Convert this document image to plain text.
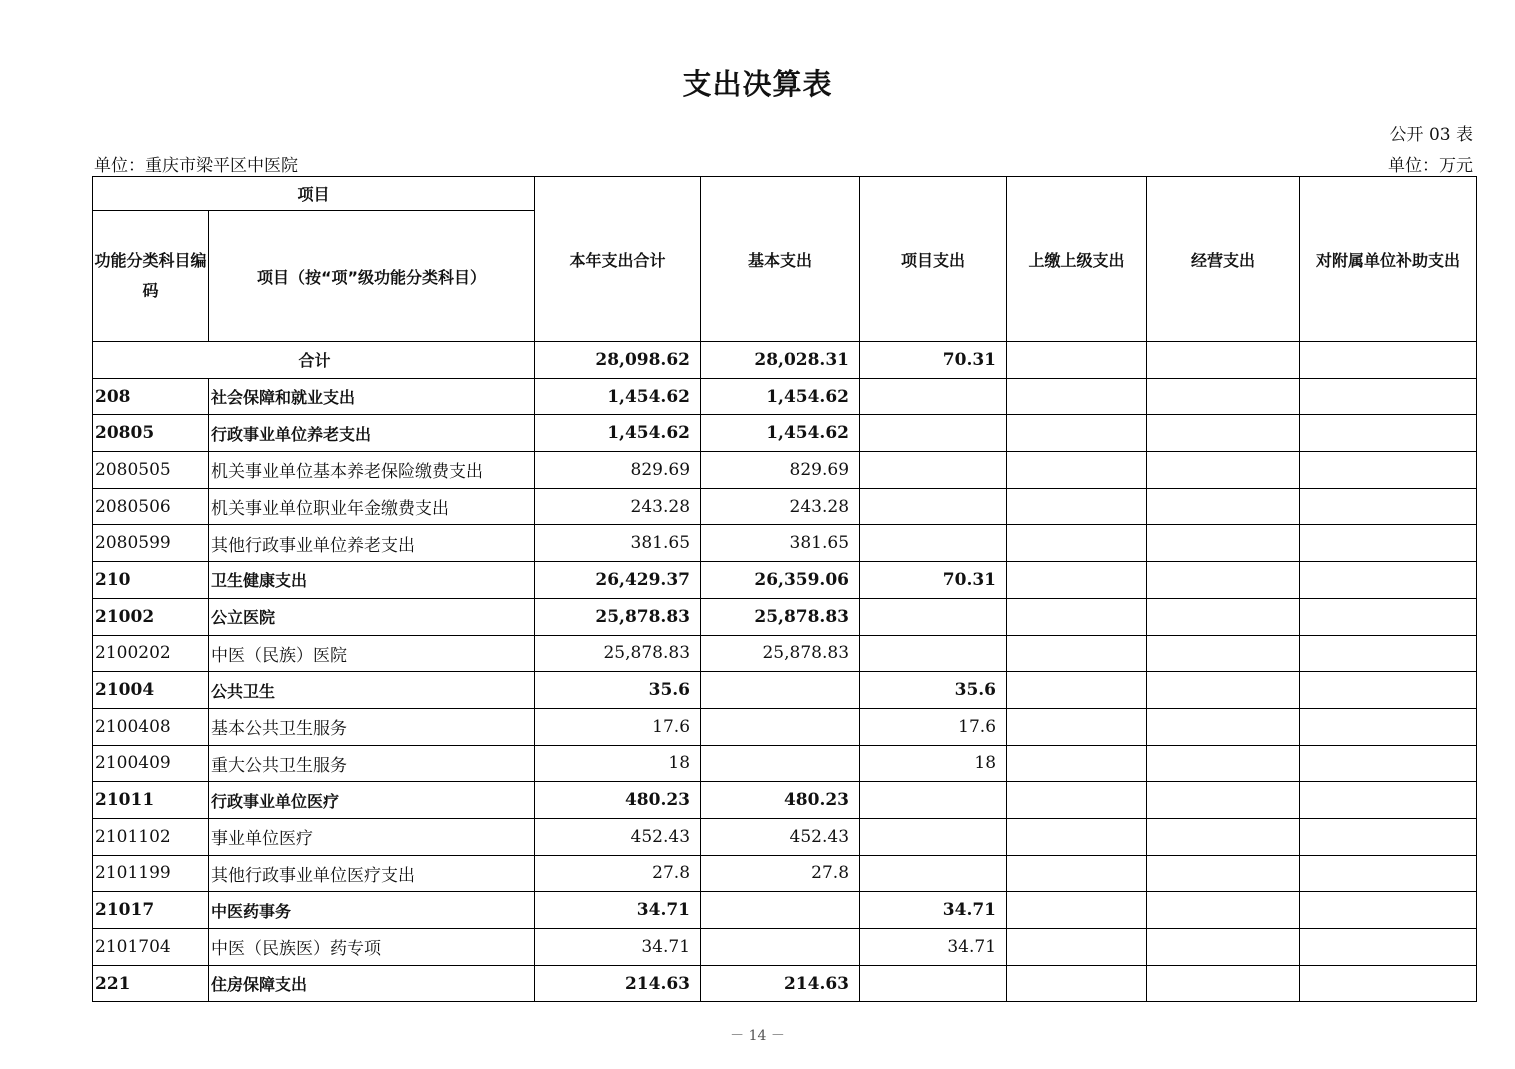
支出决算表
公开 03 表
单位：重庆市梁平区中医院	单位：万元
项目		本年支出合计	基本支出	项目支出	上缴上级支出	经营支出	对附属单位补助支出
功能分类科目编码	项目（按“项”级功能分类科目）						
合计		28,098.62	28,028.31	70.31			
208	社会保障和就业支出	1,454.62	1,454.62				
20805	行政事业单位养老支出	1,454.62	1,454.62				
2080505	机关事业单位基本养老保险缴费支出	829.69	829.69				
2080506	机关事业单位职业年金缴费支出	243.28	243.28				
2080599	其他行政事业单位养老支出	381.65	381.65				
210	卫生健康支出	26,429.37	26,359.06	70.31			
21002	公立医院	25,878.83	25,878.83				
2100202	中医（民族）医院	25,878.83	25,878.83				
21004	公共卫生	35.6		35.6			
2100408	基本公共卫生服务	17.6		17.6			
2100409	重大公共卫生服务	18		18			
21011	行政事业单位医疗	480.23	480.23				
2101102	事业单位医疗	452.43	452.43				
2101199	其他行政事业单位医疗支出	27.8	27.8				
21017	中医药事务	34.71		34.71			
2101704	中医（民族医）药专项	34.71		34.71			
221	住房保障支出	214.63	214.63				
－ 14 －
